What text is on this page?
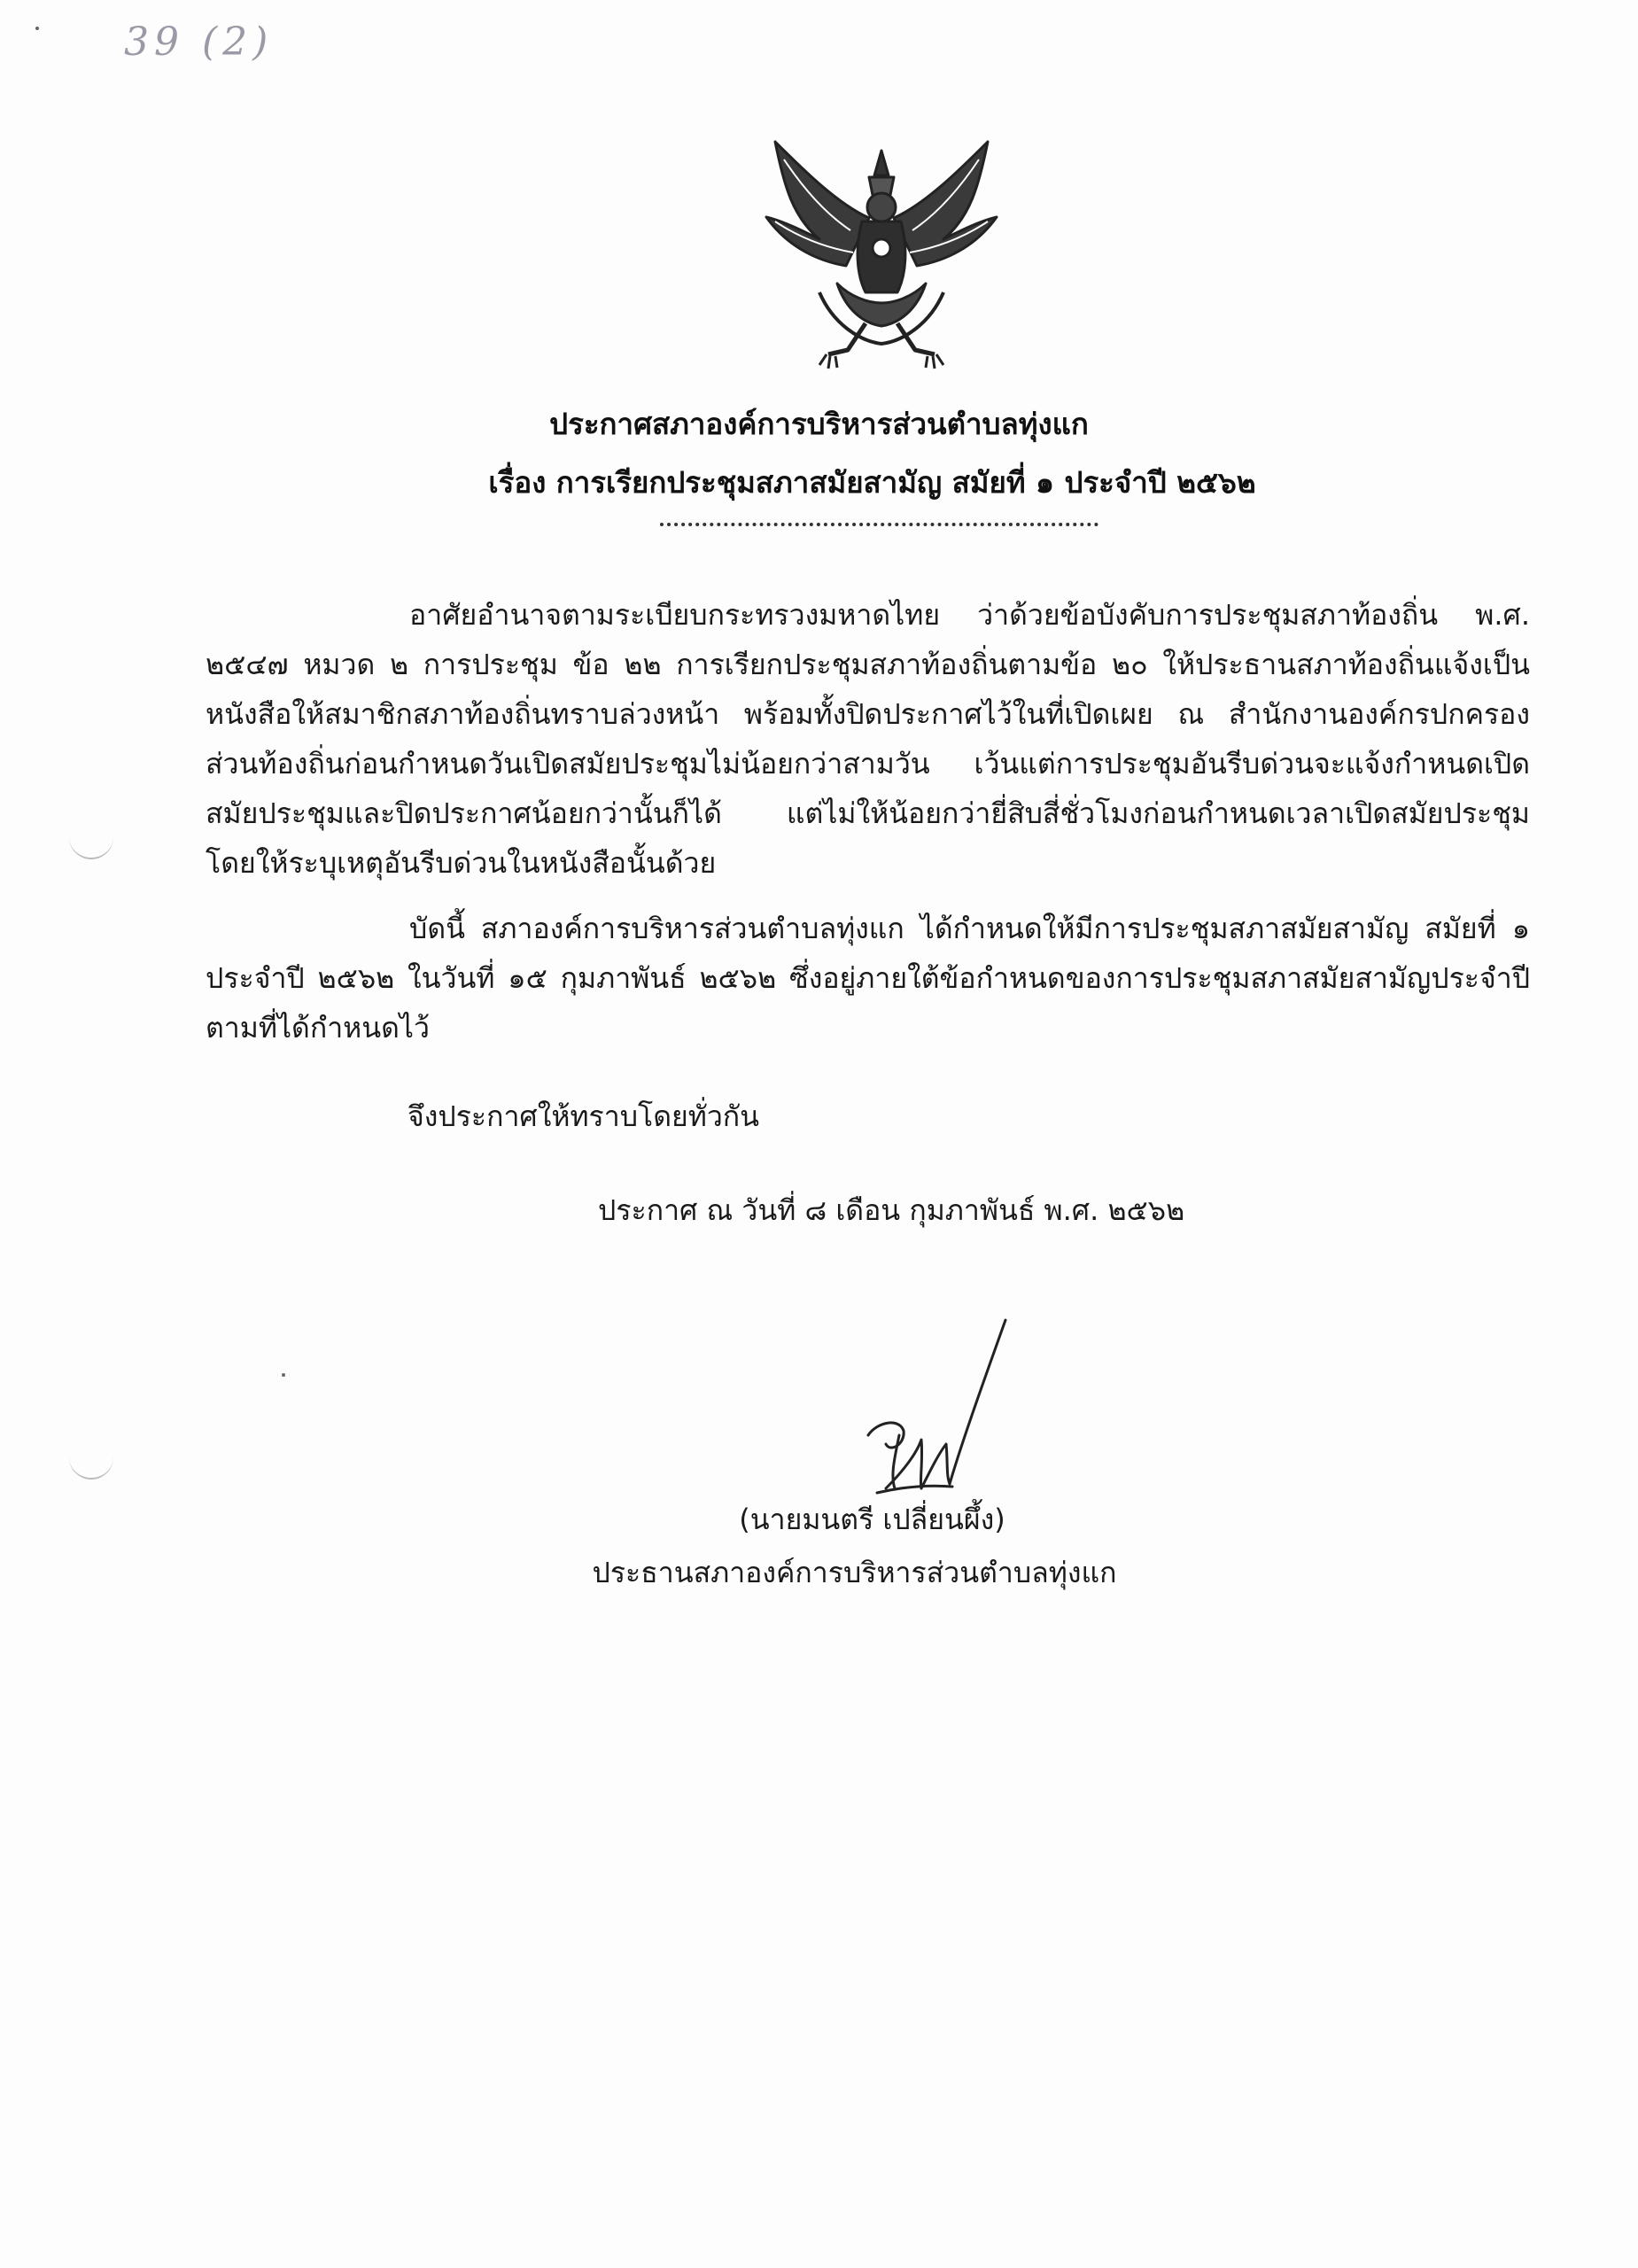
39 (2)
ประกาศสภาองค์การบริหารส่วนตำบลทุ่งแก
เรื่อง การเรียกประชุมสภาสมัยสามัญ สมัยที่ ๑ ประจำปี ๒๕๖๒
อาศัยอำนาจตามระเบียบกระทรวงมหาดไทย ว่าด้วยข้อบังคับการประชุมสภาท้องถิ่น พ.ศ. ๒๕๔๗ หมวด ๒ การประชุม ข้อ ๒๒ การเรียกประชุมสภาท้องถิ่นตามข้อ ๒๐ ให้ประธานสภาท้องถิ่นแจ้งเป็นหนังสือให้สมาชิกสภาท้องถิ่นทราบล่วงหน้า พร้อมทั้งปิดประกาศไว้ในที่เปิดเผย ณ สำนักงานองค์กรปกครองส่วนท้องถิ่นก่อนกำหนดวันเปิดสมัยประชุมไม่น้อยกว่าสามวัน เว้นแต่การประชุมอันรีบด่วนจะแจ้งกำหนดเปิดสมัยประชุมและปิดประกาศน้อยกว่านั้นก็ได้ แต่ไม่ให้น้อยกว่ายี่สิบสี่ชั่วโมงก่อนกำหนดเวลาเปิดสมัยประชุม โดยให้ระบุเหตุอันรีบด่วนในหนังสือนั้นด้วย
บัดนี้ สภาองค์การบริหารส่วนตำบลทุ่งแก ได้กำหนดให้มีการประชุมสภาสมัยสามัญ สมัยที่ ๑ ประจำปี ๒๕๖๒ ในวันที่ ๑๕ กุมภาพันธ์ ๒๕๖๒ ซึ่งอยู่ภายใต้ข้อกำหนดของการประชุมสภาสมัยสามัญประจำปีตามที่ได้กำหนดไว้
จึงประกาศให้ทราบโดยทั่วกัน
ประกาศ ณ วันที่ ๘ เดือน กุมภาพันธ์ พ.ศ. ๒๕๖๒
(นายมนตรี เปลี่ยนผึ้ง)
ประธานสภาองค์การบริหารส่วนตำบลทุ่งแก
